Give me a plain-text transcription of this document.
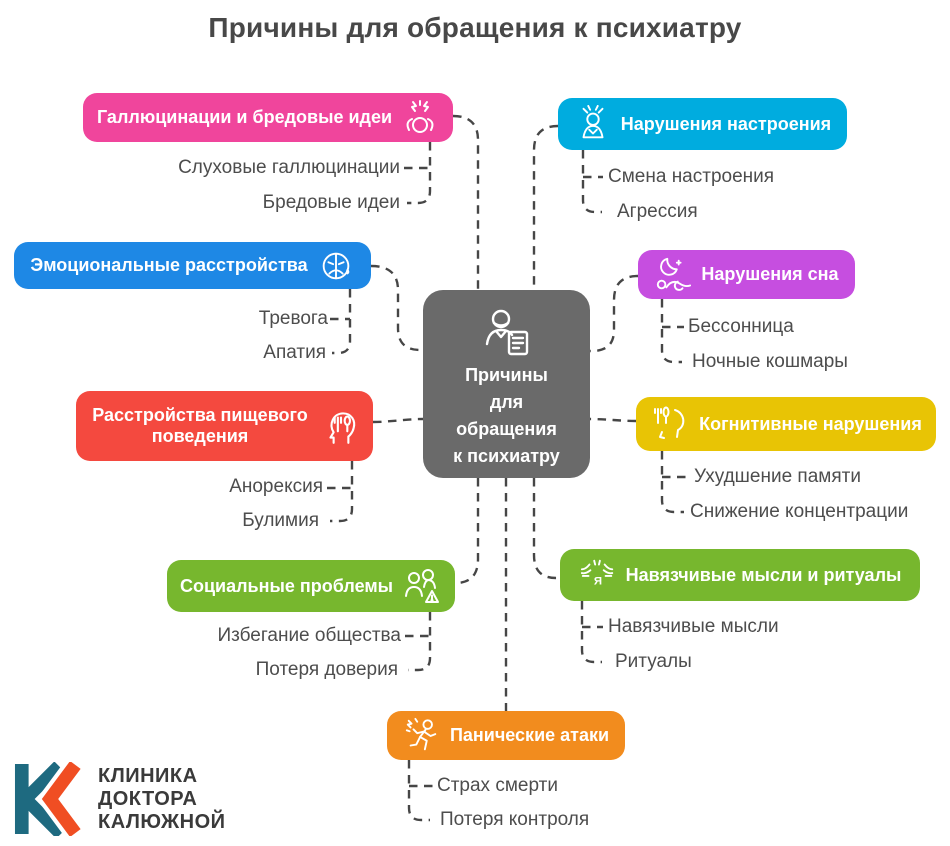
Причины для обращения к психиатру
Причины
для
обращения
к психиатру
Галлюцинации и бредовые идеи
Слуховые галлюцинации
Бредовые идеи
Эмоциональные расстройства
Тревога
Апатия
Расстройства пищевого поведения
Анорексия
Булимия
Социальные проблемы
Избегание общества
Потеря доверия
Нарушения настроения
Смена настроения
Агрессия
Нарушения сна
Бессонница
Ночные кошмары
Когнитивные нарушения
Ухудшение памяти
Снижение концентрации
Я Навязчивые мысли и ритуалы
Навязчивые мысли
Ритуалы
Панические атаки
Страх смерти
Потеря контроля
КЛИНИКА
ДОКТОРА
КАЛЮЖНОЙ
